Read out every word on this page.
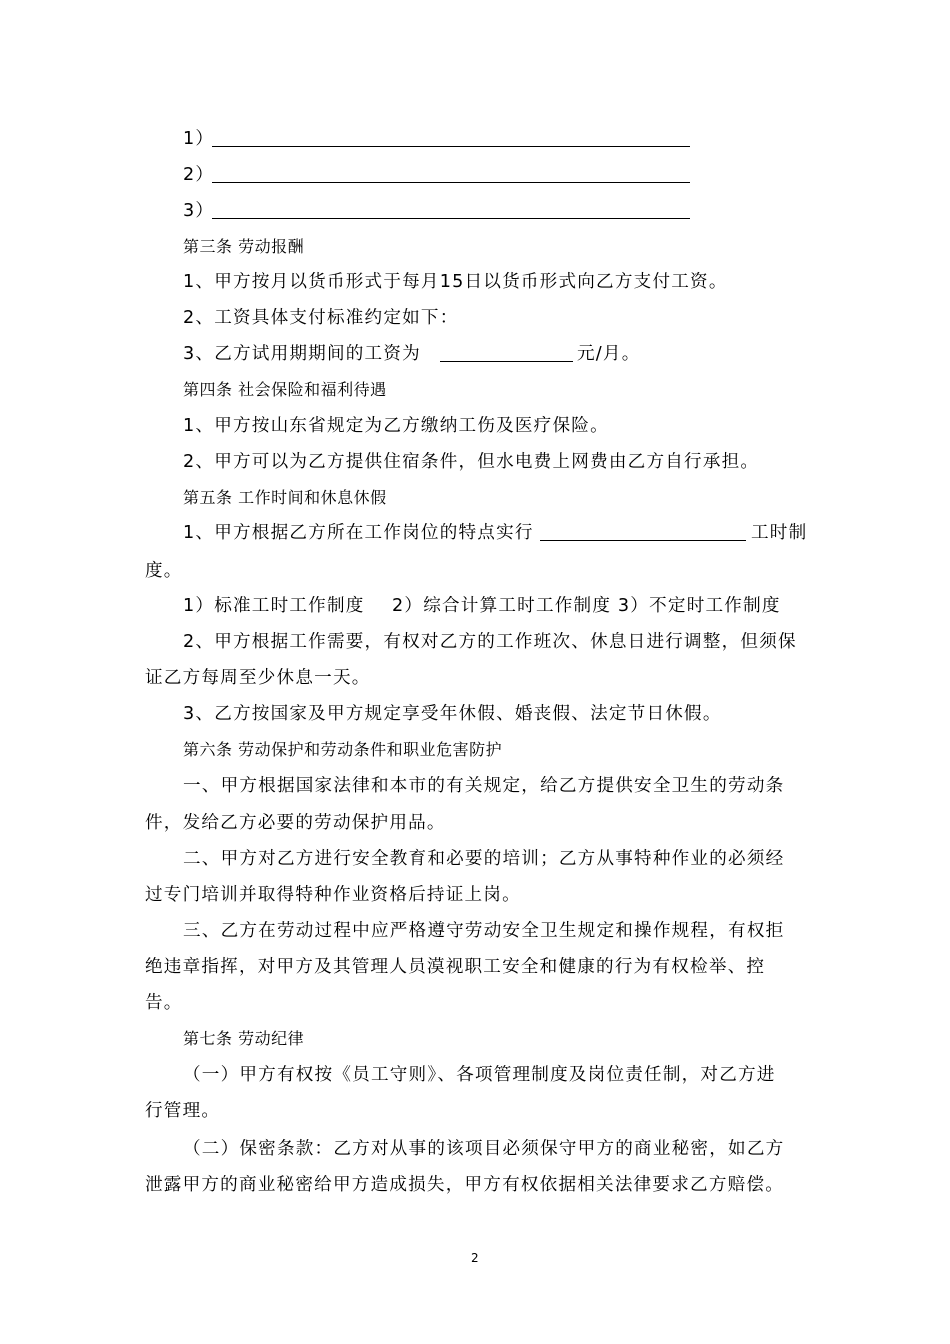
1）
2）
3）
第三条 劳动报酬
1、甲方按月以货币形式于每月15日以货币形式向乙方支付工资。
2、工资具体支付标准约定如下：
3、乙方试用期期间的工资为	元/月。
第四条 社会保险和福利待遇
1、甲方按山东省规定为乙方缴纳工伤及医疗保险。
2、甲方可以为乙方提供住宿条件，但水电费上网费由乙方自行承担。
第五条 工作时间和休息休假
1、甲方根据乙方所在工作岗位的特点实行	工时制
度。
1）标准工时工作制度 2）综合计算工时工作制度 3）不定时工作制度
2、甲方根据工作需要，有权对乙方的工作班次、休息日进行调整，但须保
证乙方每周至少休息一天。
3、乙方按国家及甲方规定享受年休假、婚丧假、法定节日休假。
第六条 劳动保护和劳动条件和职业危害防护
一、甲方根据国家法律和本市的有关规定，给乙方提供安全卫生的劳动条
件，发给乙方必要的劳动保护用品。
二、甲方对乙方进行安全教育和必要的培训；乙方从事特种作业的必须经
过专门培训并取得特种作业资格后持证上岗。
三、乙方在劳动过程中应严格遵守劳动安全卫生规定和操作规程，有权拒
绝违章指挥，对甲方及其管理人员漠视职工安全和健康的行为有权检举、控
告。
第七条 劳动纪律
（一）甲方有权按《员工守则》、各项管理制度及岗位责任制，对乙方进
行管理。
（二）保密条款：乙方对从事的该项目必须保守甲方的商业秘密，如乙方
泄露甲方的商业秘密给甲方造成损失，甲方有权依据相关法律要求乙方赔偿。
2
